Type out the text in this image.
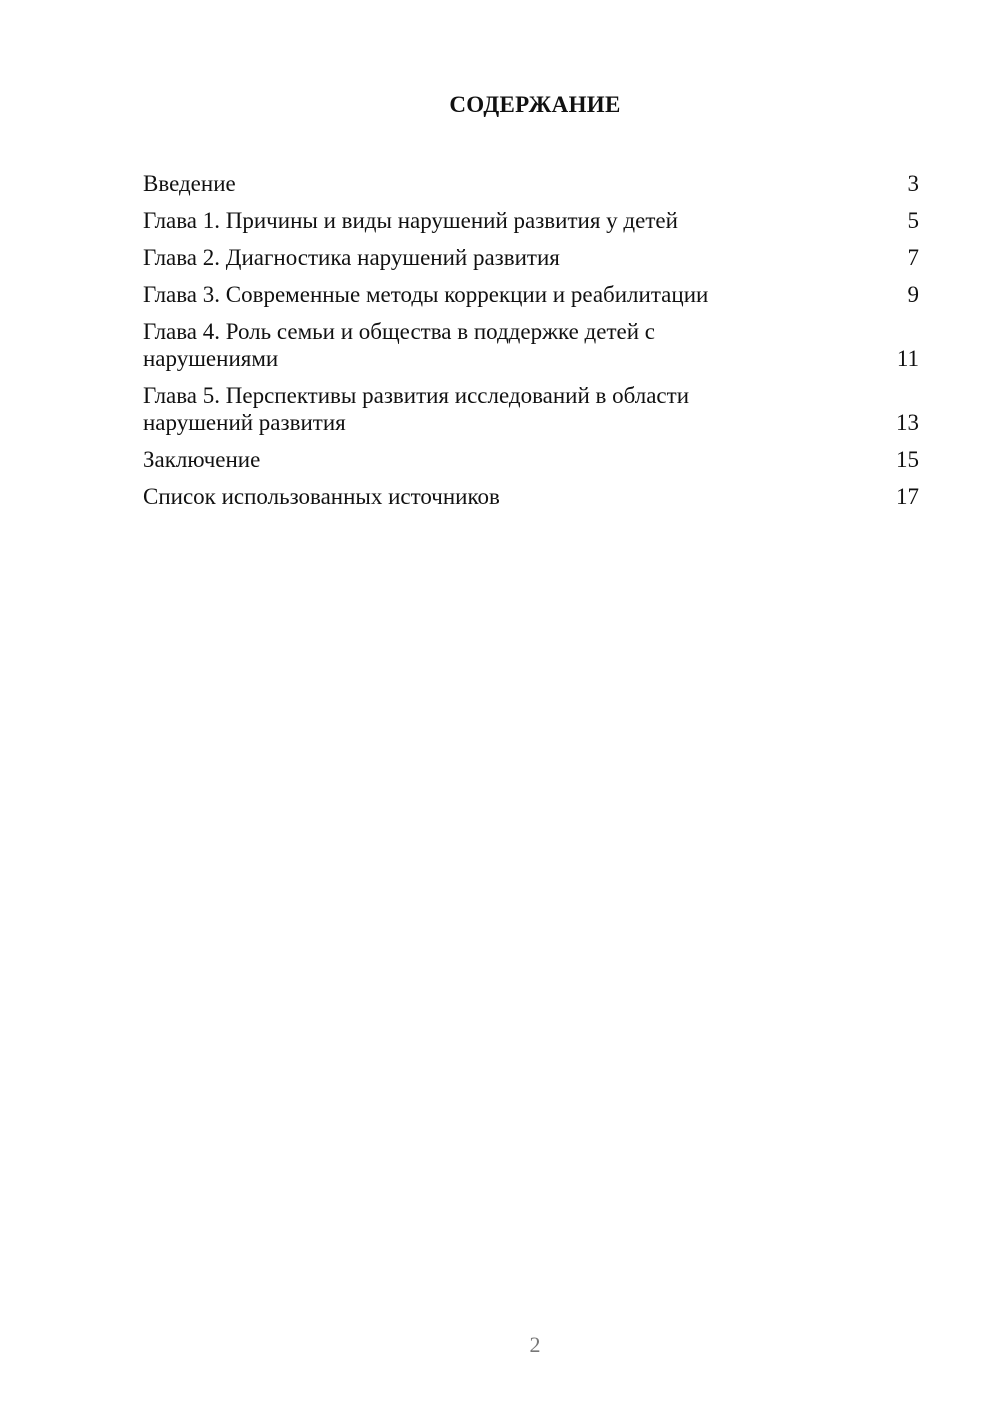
СОДЕРЖАНИЕ
Введение	3
Глава 1. Причины и виды нарушений развития у детей	5
Глава 2. Диагностика нарушений развития	7
Глава 3. Современные методы коррекции и реабилитации	9
Глава 4. Роль семьи и общества в поддержке детей с нарушениями	11
Глава 5. Перспективы развития исследований в области нарушений развития	13
Заключение	15
Список использованных источников	17
2
